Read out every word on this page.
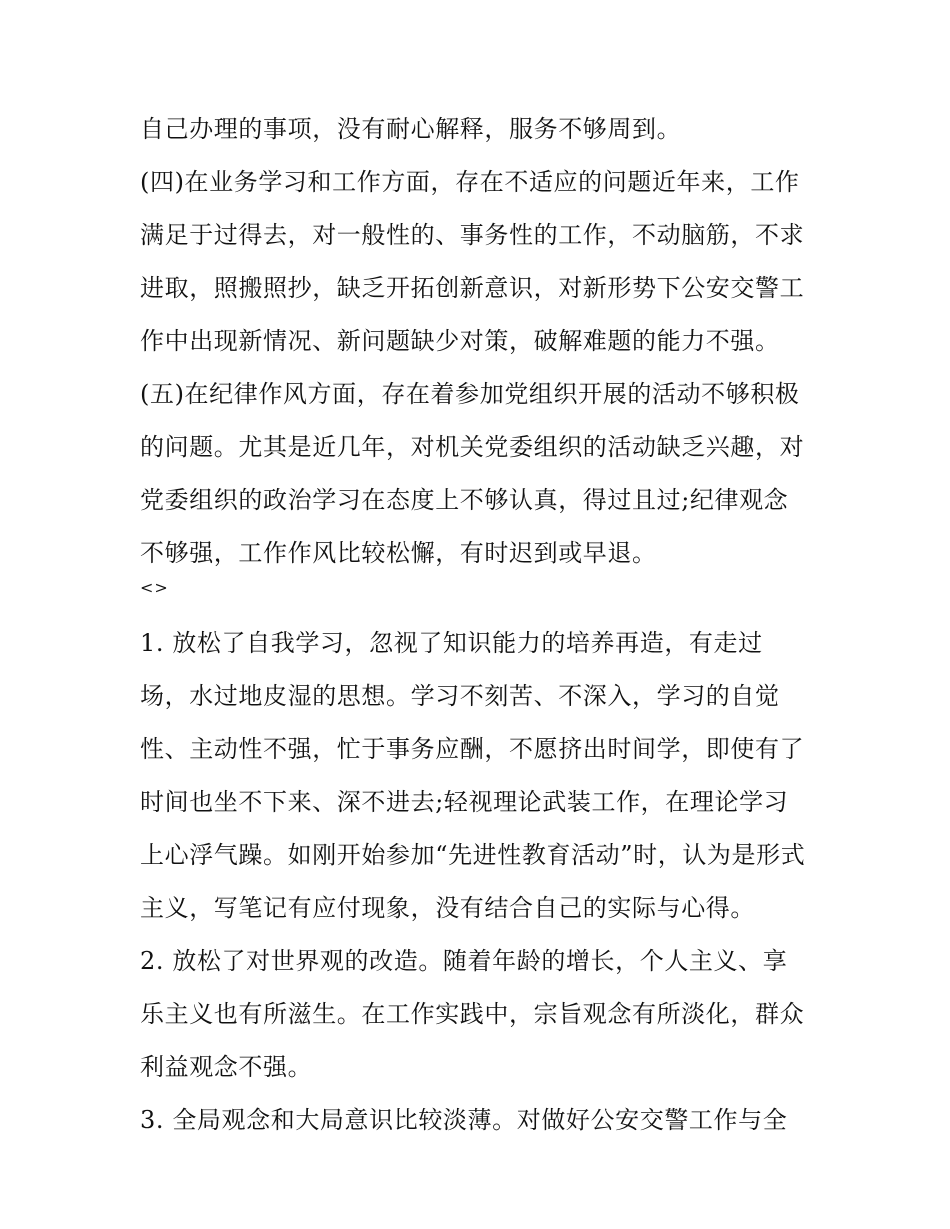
自己办理的事项，没有耐心解释，服务不够周到。
(四)在业务学习和工作方面，存在不适应的问题近年来，工作
满足于过得去，对一般性的、事务性的工作，不动脑筋，不求
进取，照搬照抄，缺乏开拓创新意识，对新形势下公安交警工
作中出现新情况、新问题缺少对策，破解难题的能力不强。
(五)在纪律作风方面，存在着参加党组织开展的活动不够积极
的问题。尤其是近几年，对机关党委组织的活动缺乏兴趣，对
党委组织的政治学习在态度上不够认真，得过且过;纪律观念
不够强，工作作风比较松懈，有时迟到或早退。
<>
1. 放松了自我学习，忽视了知识能力的培养再造，有走过
场，水过地皮湿的思想。学习不刻苦、不深入，学习的自觉
性、主动性不强，忙于事务应酬，不愿挤出时间学，即使有了
时间也坐不下来、深不进去;轻视理论武装工作，在理论学习
上心浮气躁。如刚开始参加“先进性教育活动”时，认为是形式
主义，写笔记有应付现象，没有结合自己的实际与心得。
2. 放松了对世界观的改造。随着年龄的增长，个人主义、享
乐主义也有所滋生。在工作实践中，宗旨观念有所淡化，群众
利益观念不强。
3. 全局观念和大局意识比较淡薄。对做好公安交警工作与全
